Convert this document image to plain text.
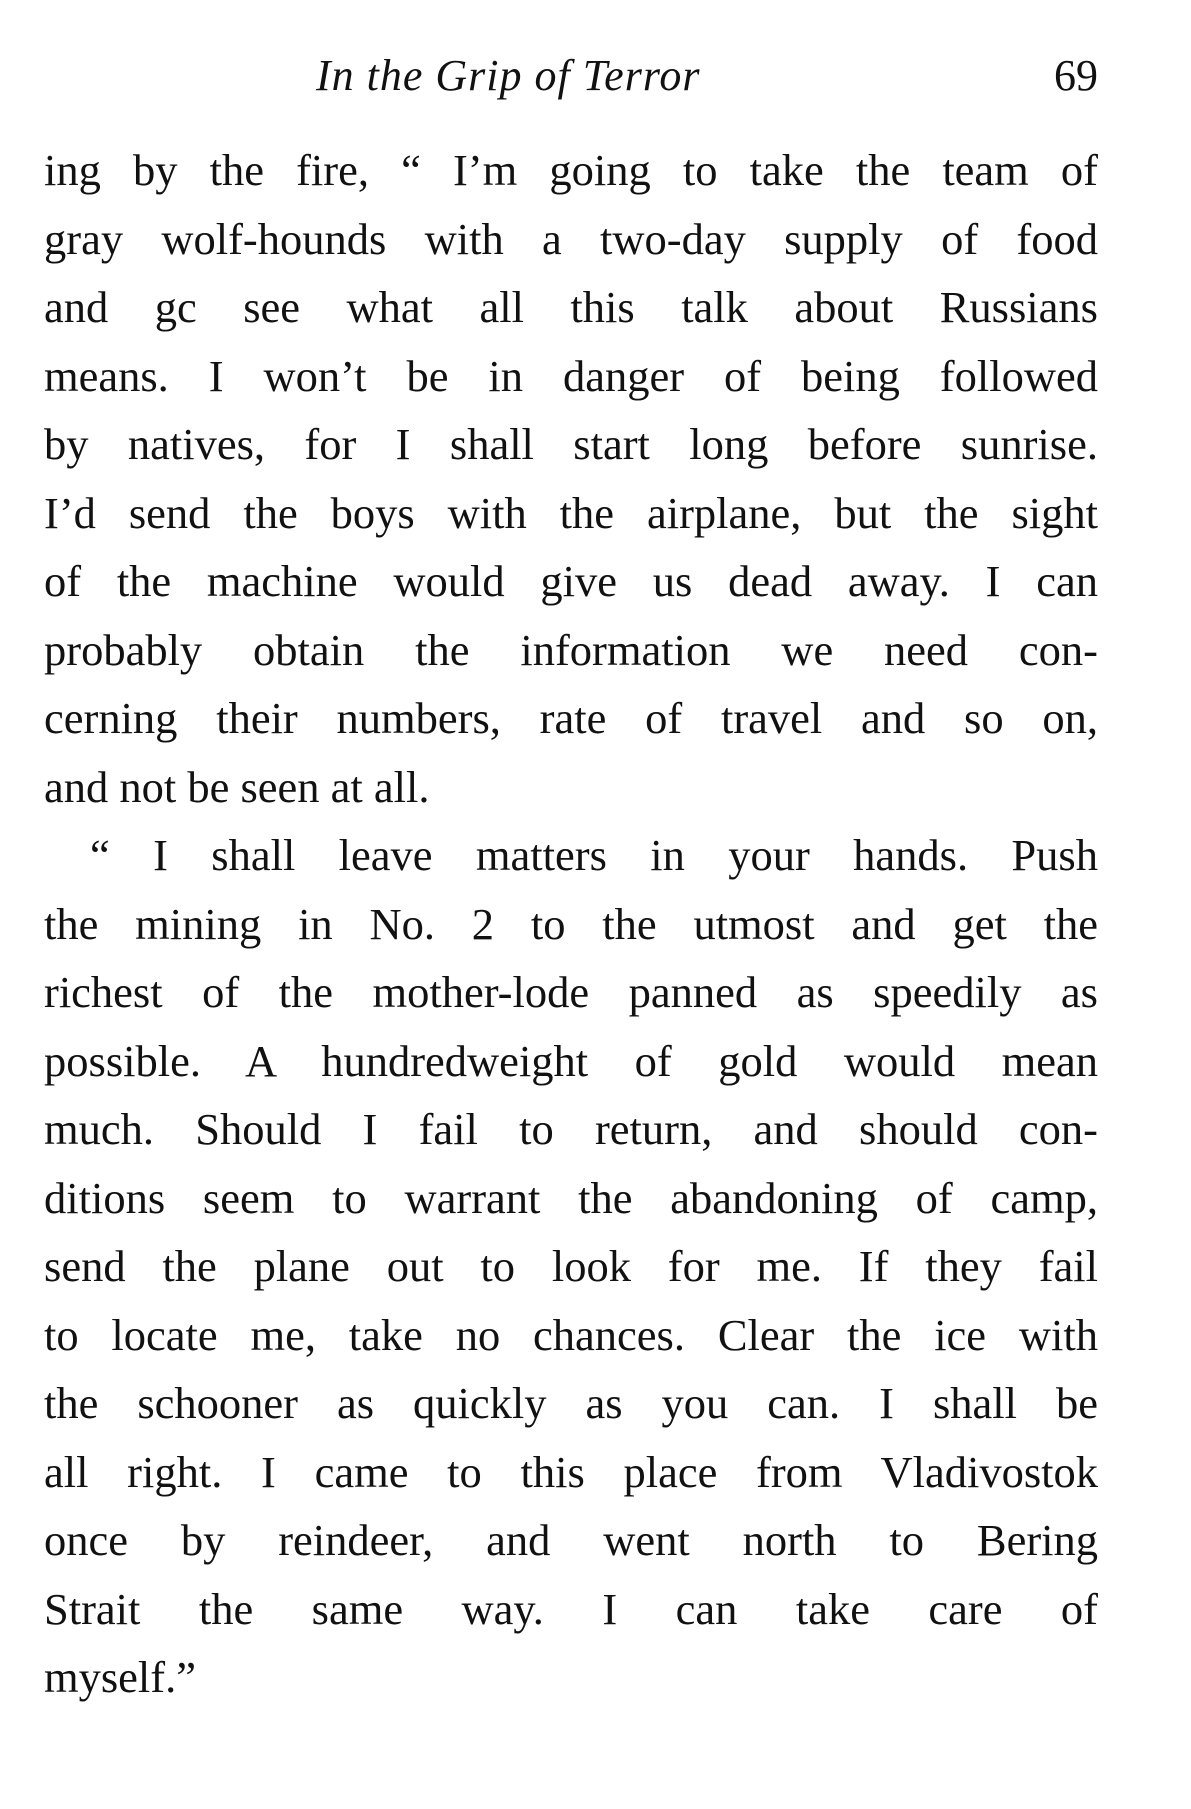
In the Grip of Terror	69
ing by the fire, “ I’m going to take the team of
gray wolf-hounds with a two-day supply of food
and gc see what all this talk about Russians
means. I won’t be in danger of being followed
by natives, for I shall start long before sunrise.
I’d send the boys with the airplane, but the sight
of the machine would give us dead away. I can
probably obtain the information we need con-
cerning their numbers, rate of travel and so on,
and not be seen at all.
“ I shall leave matters in your hands. Push
the mining in No. 2 to the utmost and get the
richest of the mother-lode panned as speedily as
possible. A hundredweight of gold would mean
much. Should I fail to return, and should con-
ditions seem to warrant the abandoning of camp,
send the plane out to look for me. If they fail
to locate me, take no chances. Clear the ice with
the schooner as quickly as you can. I shall be
all right. I came to this place from Vladivostok
once by reindeer, and went north to Bering
Strait the same way. I can take care of
myself.”
